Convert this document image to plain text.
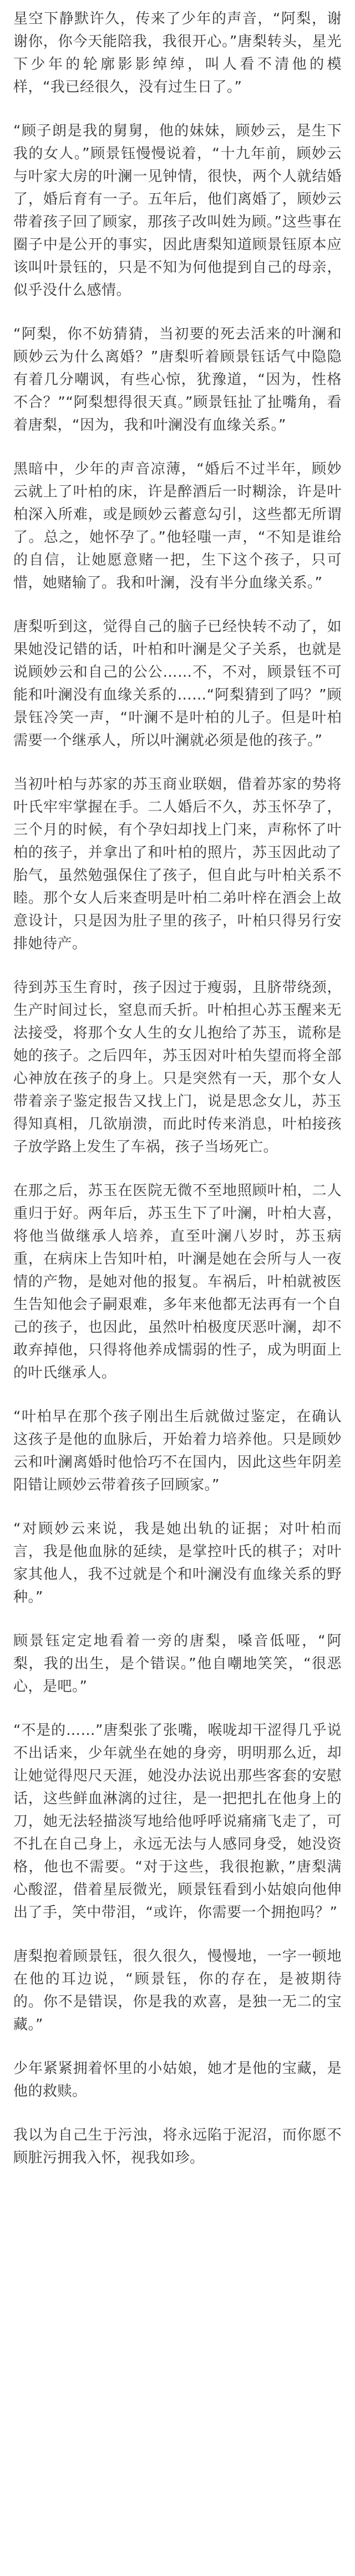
星空下静默许久，传来了少年的声音，“阿梨，谢谢你，你今天能陪我，我很开心。”唐梨转头，星光下少年的轮廓影影绰绰，叫人看不清他的模样，“我已经很久，没有过生日了。”

“顾子朗是我的舅舅，他的妹妹，顾妙云，是生下我的女人。”顾景钰慢慢说着，“十九年前，顾妙云与叶家大房的叶澜一见钟情，很快，两个人就结婚了，婚后育有一子。五年后，他们离婚了，顾妙云带着孩子回了顾家，那孩子改叫姓为顾。”这些事在圈子中是公开的事实，因此唐梨知道顾景钰原本应该叫叶景钰的，只是不知为何他提到自己的母亲，似乎没什么感情。

“阿梨，你不妨猜猜，当初要的死去活来的叶澜和顾妙云为什么离婚？”唐梨听着顾景钰话气中隐隐有着几分嘲讽，有些心惊，犹豫道，“因为，性格不合？”“阿梨想得很天真。”顾景钰扯了扯嘴角，看着唐梨，“因为，我和叶澜没有血缘关系。”

黑暗中，少年的声音凉薄，“婚后不过半年，顾妙云就上了叶柏的床，许是醉酒后一时糊涂，许是叶柏深入所难，或是顾妙云蓄意勾引，这些都无所谓了。总之，她怀孕了。”他轻嗤一声，“不知是谁给的自信，让她愿意赌一把，生下这个孩子，只可惜，她赌输了。我和叶澜，没有半分血缘关系。”

唐梨听到这，觉得自己的脑子已经快转不动了，如果她没记错的话，叶柏和叶澜是父子关系，也就是说顾妙云和自己的公公……不，不对，顾景钰不可能和叶澜没有血缘关系的……“阿梨猜到了吗？”顾景钰冷笑一声，“叶澜不是叶柏的儿子。但是叶柏需要一个继承人，所以叶澜就必须是他的孩子。”

当初叶柏与苏家的苏玉商业联姻，借着苏家的势将叶氏牢牢掌握在手。二人婚后不久，苏玉怀孕了，三个月的时候，有个孕妇却找上门来，声称怀了叶柏的孩子，并拿出了和叶柏的照片，苏玉因此动了胎气，虽然勉强保住了孩子，但自此与叶柏关系不睦。那个女人后来查明是叶柏二弟叶梓在酒会上故意设计，只是因为肚子里的孩子，叶柏只得另行安排她待产。

待到苏玉生育时，孩子因过于瘦弱，且脐带绕颈，生产时间过长，窒息而夭折。叶柏担心苏玉醒来无法接受，将那个女人生的女儿抱给了苏玉，谎称是她的孩子。之后四年，苏玉因对叶柏失望而将全部心神放在孩子的身上。只是突然有一天，那个女人带着亲子鉴定报告又找上门，说是思念女儿，苏玉得知真相，几欲崩溃，而此时传来消息，叶柏接孩子放学路上发生了车祸，孩子当场死亡。

在那之后，苏玉在医院无微不至地照顾叶柏，二人重归于好。两年后，苏玉生下了叶澜，叶柏大喜，将他当做继承人培养，直至叶澜八岁时，苏玉病重，在病床上告知叶柏，叶澜是她在会所与人一夜情的产物，是她对他的报复。车祸后，叶柏就被医生告知他会子嗣艰难，多年来他都无法再有一个自己的孩子，也因此，虽然叶柏极度厌恶叶澜，却不敢弃掉他，只得将他养成懦弱的性子，成为明面上的叶氏继承人。

“叶柏早在那个孩子刚出生后就做过鉴定，在确认这孩子是他的血脉后，开始着力培养他。只是顾妙云和叶澜离婚时他恰巧不在国内，因此这些年阴差阳错让顾妙云带着孩子回顾家。”

“对顾妙云来说，我是她出轨的证据；对叶柏而言，我是他血脉的延续，是掌控叶氏的棋子；对叶家其他人，我不过就是个和叶澜没有血缘关系的野种。”

顾景钰定定地看着一旁的唐梨，嗓音低哑，“阿梨，我的出生，是个错误。”他自嘲地笑笑，“很恶心，是吧。”

“不是的……”唐梨张了张嘴，喉咙却干涩得几乎说不出话来，少年就坐在她的身旁，明明那么近，却让她觉得咫尺天涯，她没办法说出那些客套的安慰话，这些鲜血淋漓的过往，是一把把扎在他身上的刀，她无法轻描淡写地给他呼呼说痛痛飞走了，可不扎在自己身上，永远无法与人感同身受，她没资格，他也不需要。“对于这些，我很抱歉，”唐梨满心酸涩，借着星辰微光，顾景钰看到小姑娘向他伸出了手，笑中带泪，“或许，你需要一个拥抱吗？”

唐梨抱着顾景钰，很久很久，慢慢地，一字一顿地在他的耳边说，“顾景钰，你的存在，是被期待的。你不是错误，你是我的欢喜，是独一无二的宝藏。”

少年紧紧拥着怀里的小姑娘，她才是他的宝藏，是他的救赎。

我以为自己生于污浊，将永远陷于泥沼，而你愿不顾脏污拥我入怀，视我如珍。
